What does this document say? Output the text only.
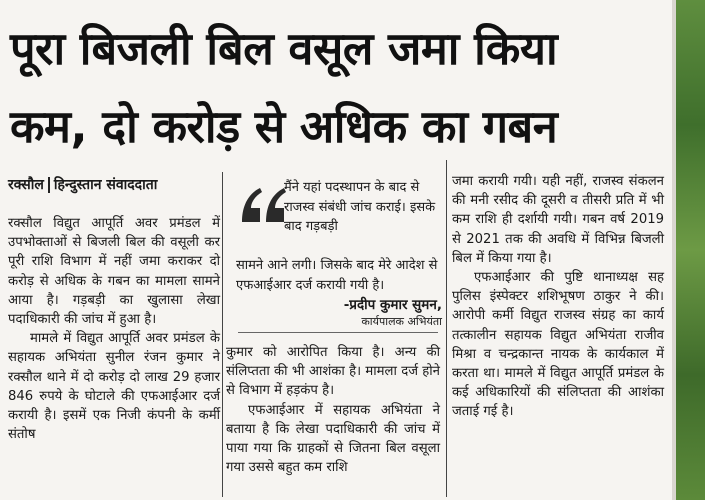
पूरा बिजली बिल वसूल जमा किया
कम, दो करोड़ से अधिक का गबन
रक्सौल हिन्दुस्तान संवाददाता

रक्सौल विद्युत आपूर्ति अवर प्रमंडल में उपभोक्ताओं से बिजली बिल की वसूली कर पूरी राशि विभाग में नहीं जमा कराकर दो करोड़ से अधिक के गबन का मामला सामने आया है। गड़बड़ी का खुलासा लेखा पदाधिकारी की जांच में हुआ है।

मामले में विद्युत आपूर्ति अवर प्रमंडल के सहायक अभियंता सुनील रंजन कुमार ने रक्सौल थाने में दो करोड़ दो लाख 29 हजार 846 रुपये के घोटाले की एफआईआर दर्ज करायी है। इसमें एक निजी कंपनी के कर्मी संतोष

मैंने यहां पदस्थापन के बाद से राजस्व संबंधी जांच कराई। इसके बाद गड़बड़ी
सामने आने लगी। जिसके बाद मेरे आदेश से एफआईआर दर्ज करायी गयी है।
-प्रदीप कुमार सुमन,
कार्यपालक अभियंता

कुमार को आरोपित किया है। अन्य की संलिप्तता की भी आशंका है। मामला दर्ज होने से विभाग में हड़कंप है।

एफआईआर में सहायक अभियंता ने बताया है कि लेखा पदाधिकारी की जांच में पाया गया कि ग्राहकों से जितना बिल वसूला गया उससे बहुत कम राशि

जमा करायी गयी। यही नहीं, राजस्व संकलन की मनी रसीद की दूसरी व तीसरी प्रति में भी कम राशि ही दर्शायी गयी। गबन वर्ष 2019 से 2021 तक की अवधि में विभिन्न बिजली बिल में किया गया है।

एफआईआर की पुष्टि थानाध्यक्ष सह पुलिस इंस्पेक्टर शशिभूषण ठाकुर ने की। आरोपी कर्मी विद्युत राजस्व संग्रह का कार्य तत्कालीन सहायक विद्युत अभियंता राजीव मिश्रा व चन्द्रकान्त नायक के कार्यकाल में करता था। मामले में विद्युत आपूर्ति प्रमंडल के कई अधिकारियों की संलिप्तता की आशंका जताई गई है।
